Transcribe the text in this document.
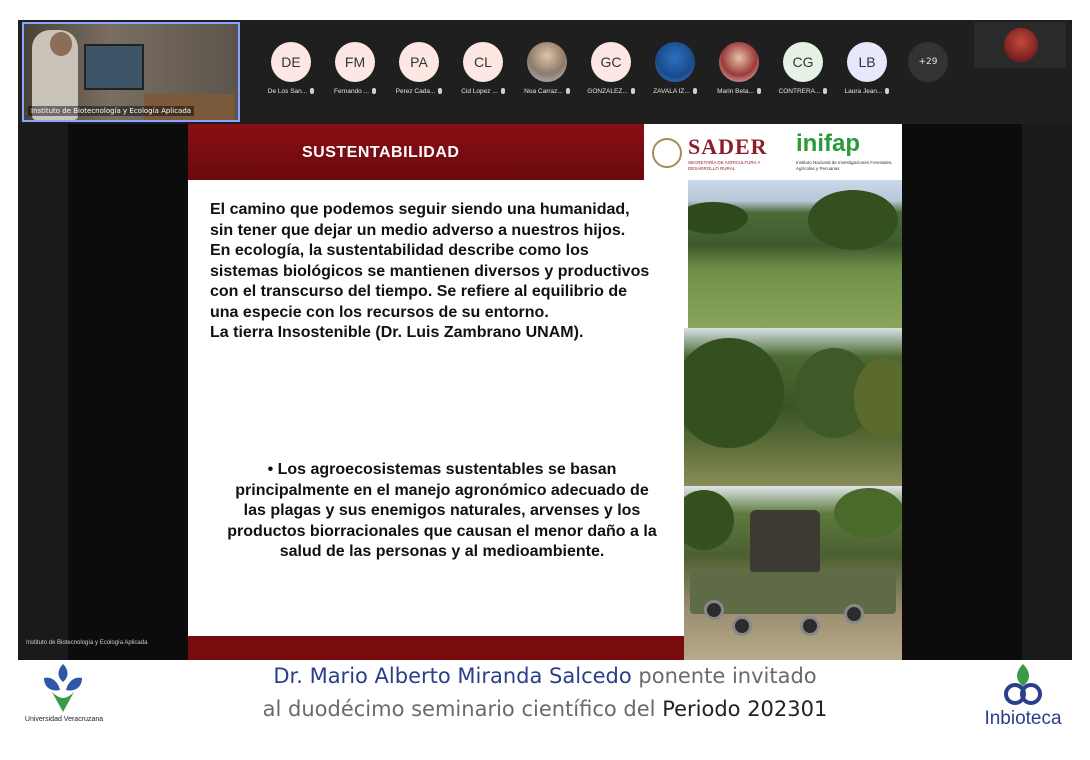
Instituto de Biotecnología y Ecología Aplicada
DE
De Los San...
FM
Fernando ...
PA
Perez Cada...
CL
Cid Lopez ...	Noa Carraz...
GC
GONZALEZ...	ZAVALA IZ...	Marin Beta...
CG
CONTRERA...
LB
Laura Jean...
+29
SUSTENTABILIDAD	SADER
SECRETARÍA DE AGRICULTURA Y DESARROLLO RURAL
inifap
Instituto Nacional de Investigaciones Forestales, Agrícolas y Pecuarias

El camino que podemos seguir siendo una humanidad, sin tener que dejar un medio adverso a nuestros hijos.

En ecología, la sustentabilidad describe como los sistemas biológicos se mantienen diversos y productivos con el transcurso del tiempo. Se refiere al equilibrio de una especie con los recursos de su entorno.

La tierra Insostenible (Dr. Luis Zambrano UNAM).

• Los agroecosistemas sustentables se basan principalmente en el manejo agronómico adecuado de las plagas y sus enemigos naturales, arvenses y los productos biorracionales que causan el menor daño a la salud de las personas y al medioambiente.
Instituto de Biotecnología y Ecología Aplicada
Universidad Veracruzana
Dr. Mario Alberto Miranda Salcedo ponente invitado
al duodécimo seminario científico del Periodo 202301	Inbioteca
